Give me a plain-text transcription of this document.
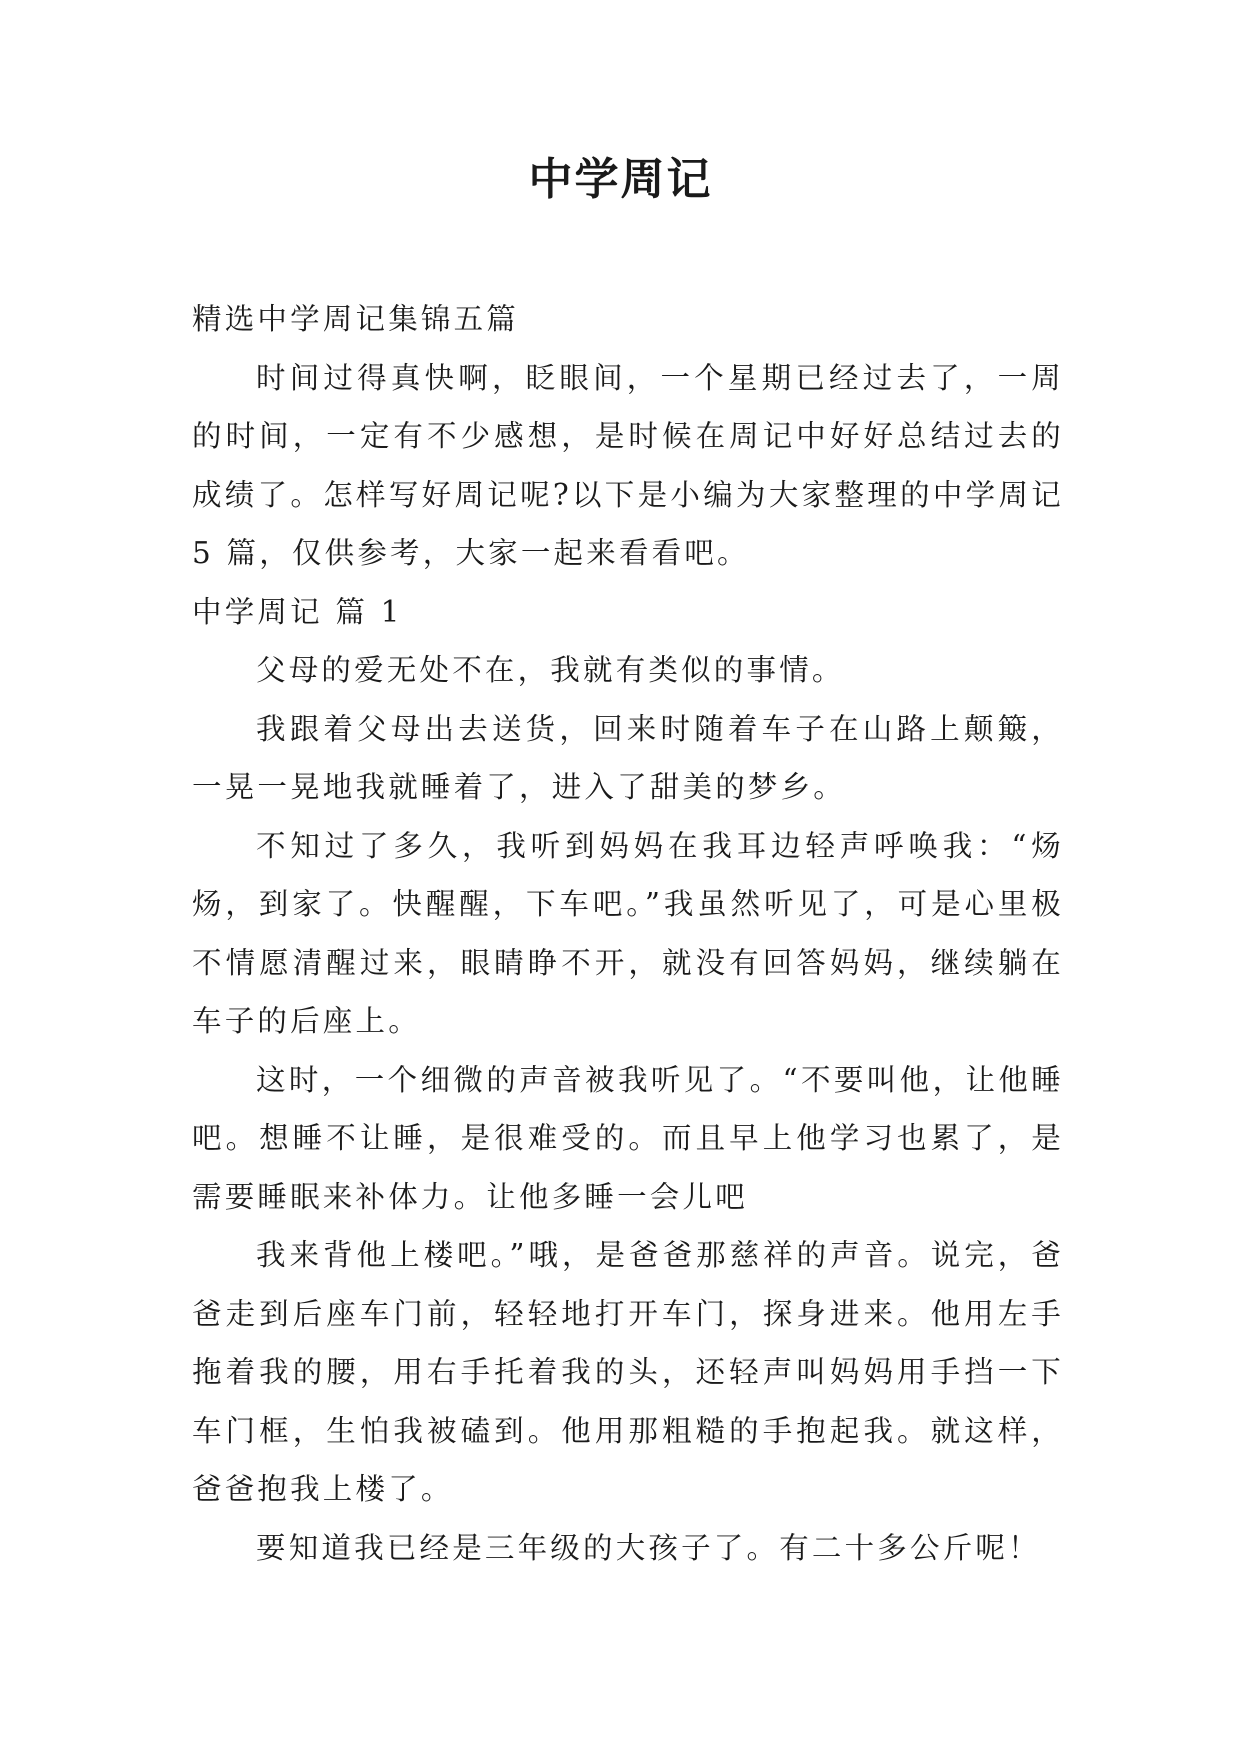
中学周记

精选中学周记集锦五篇

时间过得真快啊，眨眼间，一个星期已经过去了，一周的时间，一定有不少感想，是时候在周记中好好总结过去的成绩了。怎样写好周记呢?以下是小编为大家整理的中学周记 5 篇，仅供参考，大家一起来看看吧。

中学周记 篇 1

父母的爱无处不在，我就有类似的事情。

我跟着父母出去送货，回来时随着车子在山路上颠簸，一晃一晃地我就睡着了，进入了甜美的梦乡。

不知过了多久，我听到妈妈在我耳边轻声呼唤我：“炀炀，到家了。快醒醒，下车吧。”我虽然听见了，可是心里极不情愿清醒过来，眼睛睁不开，就没有回答妈妈，继续躺在车子的后座上。

这时，一个细微的声音被我听见了。“不要叫他，让他睡吧。想睡不让睡，是很难受的。而且早上他学习也累了，是需要睡眠来补体力。让他多睡一会儿吧

我来背他上楼吧。”哦，是爸爸那慈祥的声音。说完，爸爸走到后座车门前，轻轻地打开车门，探身进来。他用左手拖着我的腰，用右手托着我的头，还轻声叫妈妈用手挡一下车门框，生怕我被磕到。他用那粗糙的手抱起我。就这样，爸爸抱我上楼了。

要知道我已经是三年级的大孩子了。有二十多公斤呢！
